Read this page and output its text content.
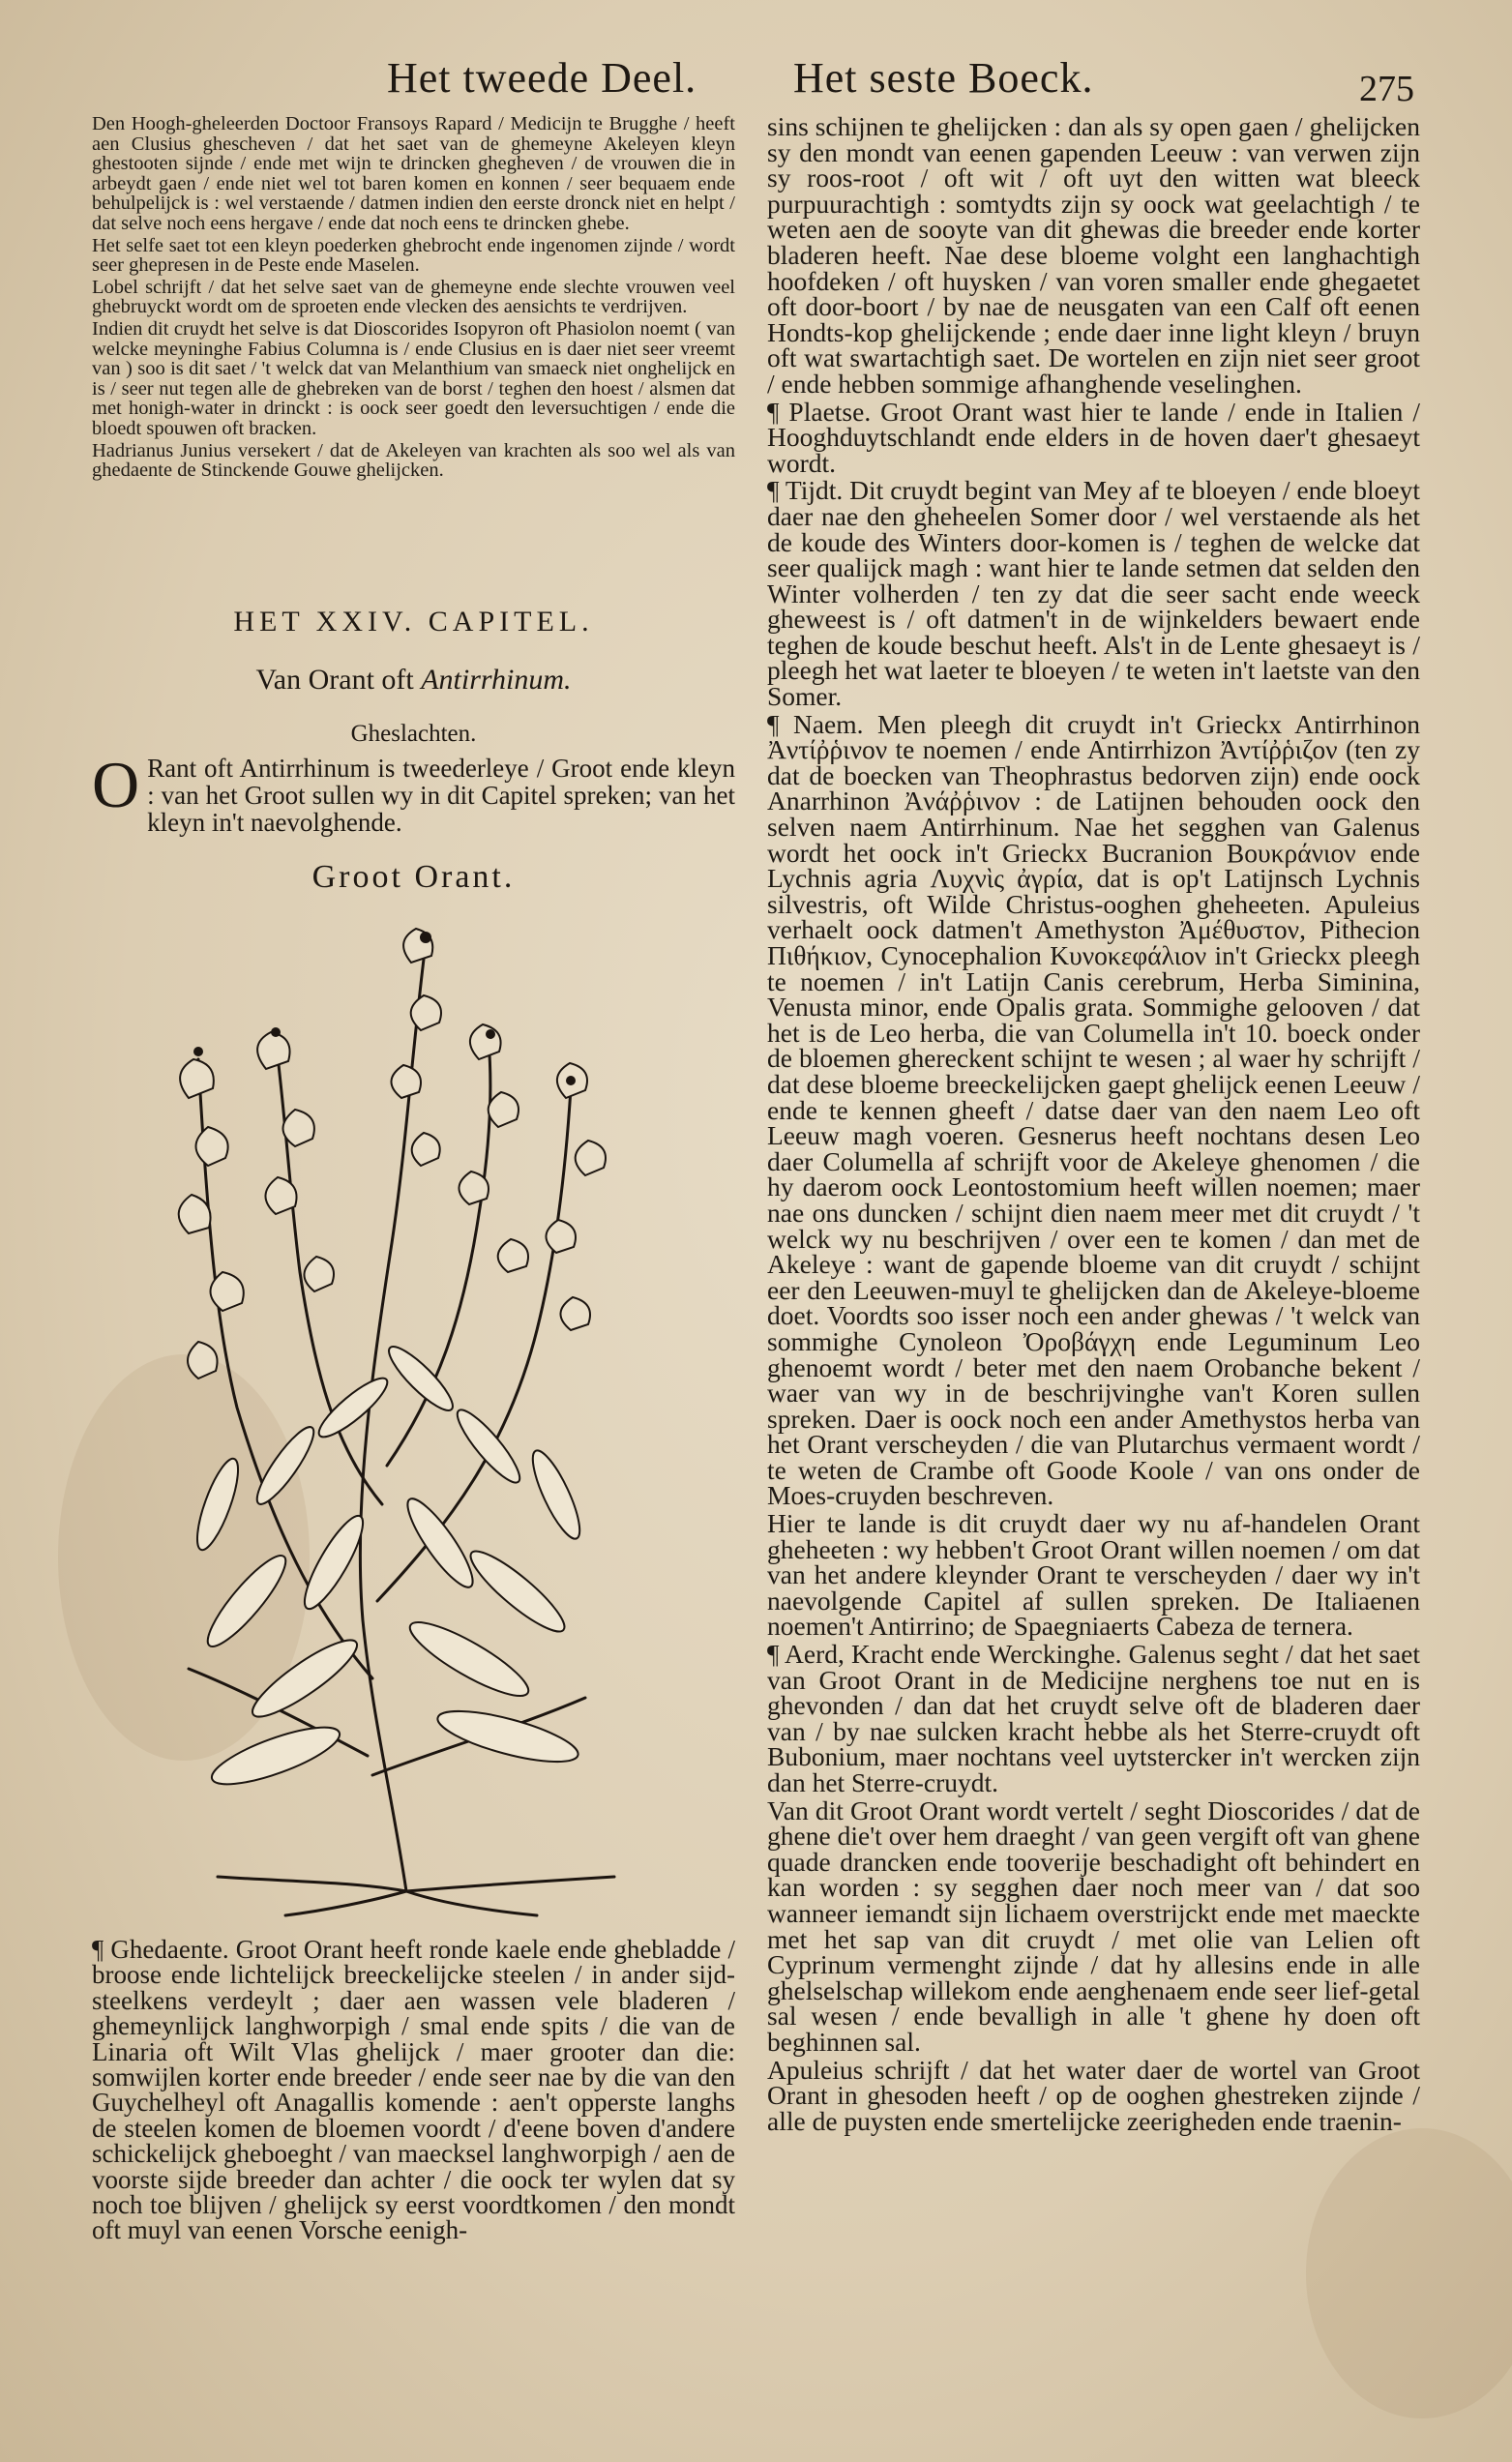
Het tweede Deel. Het seste Boeck.	275

Den Hoogh-gheleerden Doctoor Fransoys Rapard / Medicijn te Brugghe / heeft aen Clusius ghescheven / dat het saet van de ghemeyne Akeleyen kleyn ghestooten sijnde / ende met wijn te drincken ghegheven / de vrouwen die in arbeydt gaen / ende niet wel tot baren komen en konnen / seer bequaem ende behulpelijck is : wel verstaende / datmen indien den eerste dronck niet en helpt / dat selve noch eens hergave / ende dat noch eens te drincken ghebe.

Het selfe saet tot een kleyn poederken ghebrocht ende ingenomen zijnde / wordt seer ghepresen in de Peste ende Maselen.

Lobel schrijft / dat het selve saet van de ghemeyne ende slechte vrouwen veel ghebruyckt wordt om de sproeten ende vlecken des aensichts te verdrijven.

Indien dit cruydt het selve is dat Dioscorides Isopyron oft Phasiolon noemt ( van welcke meyninghe Fabius Columna is / ende Clusius en is daer niet seer vreemt van ) soo is dit saet / 't welck dat van Melanthium van smaeck niet onghelijck en is / seer nut tegen alle de ghebreken van de borst / teghen den hoest / alsmen dat met honigh-water in drinckt : is oock seer goedt den leversuchtigen / ende die bloedt spouwen oft bracken.

Hadrianus Junius versekert / dat de Akeleyen van krachten als soo wel als van ghedaente de Stinckende Gouwe ghelijcken.

HET XXIV. CAPITEL.
Van Orant oft Antirrhinum.
Gheslachten.
O Rant oft Antirrhinum is tweederleye / Groot ende kleyn : van het Groot sullen wy in dit Capitel spreken; van het kleyn in't naevolghende.
Groot Orant.

¶ Ghedaente. Groot Orant heeft ronde kaele ende ghebladde / broose ende lichtelijck breeckelijcke steelen / in ander sijd-steelkens verdeylt ; daer aen wassen vele bladeren / ghemeynlijck langhworpigh / smal ende spits / die van de Linaria oft Wilt Vlas ghelijck / maer grooter dan die: somwijlen korter ende breeder / ende seer nae by die van den Guychelheyl oft Anagallis komende : aen't opperste langhs de steelen komen de bloemen voordt / d'eene boven d'andere schickelijck gheboeght / van maecksel langhworpigh / aen de voorste sijde breeder dan achter / die oock ter wylen dat sy noch toe blijven / ghelijck sy eerst voordtkomen / den mondt oft muyl van eenen Vorsche eenigh-

sins schijnen te ghelijcken : dan als sy open gaen / ghelijcken sy den mondt van eenen gapenden Leeuw : van verwen zijn sy roos-root / oft wit / oft uyt den witten wat bleeck purpuurachtigh : somtydts zijn sy oock wat geelachtigh / te weten aen de sooyte van dit ghewas die breeder ende korter bladeren heeft. Nae dese bloeme volght een langhachtigh hoofdeken / oft huysken / van voren smaller ende ghegaetet oft door-boort / by nae de neusgaten van een Calf oft eenen Hondts-kop ghelijckende ; ende daer inne light kleyn / bruyn oft wat swartachtigh saet. De wortelen en zijn niet seer groot / ende hebben sommige afhanghende veselinghen.

¶ Plaetse. Groot Orant wast hier te lande / ende in Italien / Hooghduytschlandt ende elders in de hoven daer't ghesaeyt wordt.

¶ Tijdt. Dit cruydt begint van Mey af te bloeyen / ende bloeyt daer nae den gheheelen Somer door / wel verstaende als het de koude des Winters door-komen is / teghen de welcke dat seer qualijck magh : want hier te lande setmen dat selden den Winter volherden / ten zy dat die seer sacht ende weeck gheweest is / oft datmen't in de wijnkelders bewaert ende teghen de koude beschut heeft. Als't in de Lente ghesaeyt is / pleegh het wat laeter te bloeyen / te weten in't laetste van den Somer.

¶ Naem. Men pleegh dit cruydt in't Grieckx Antirrhinon Ἀντίῤῥινον te noemen / ende Antirrhizon Ἀντίῤῥιζον (ten zy dat de boecken van Theophrastus bedorven zijn) ende oock Anarrhinon Ἀνάῤῥινον : de Latijnen behouden oock den selven naem Antirrhinum. Nae het segghen van Galenus wordt het oock in't Grieckx Bucranion Βουκράνιον ende Lychnis agria Λυχνὶς ἀγρία, dat is op't Latijnsch Lychnis silvestris, oft Wilde Christus-ooghen gheheeten. Apuleius verhaelt oock datmen't Amethyston Ἀμέθυστον, Pithecion Πιθήκιον, Cynocephalion Κυνοκεφάλιον in't Grieckx pleegh te noemen / in't Latijn Canis cerebrum, Herba Siminina, Venusta minor, ende Opalis grata. Sommighe gelooven / dat het is de Leo herba, die van Columella in't 10. boeck onder de bloemen ghereckent schijnt te wesen ; al waer hy schrijft / dat dese bloeme breeckelijcken gaept ghelijck eenen Leeuw / ende te kennen gheeft / datse daer van den naem Leo oft Leeuw magh voeren. Gesnerus heeft nochtans desen Leo daer Columella af schrijft voor de Akeleye ghenomen / die hy daerom oock Leontostomium heeft willen noemen; maer nae ons duncken / schijnt dien naem meer met dit cruydt / 't welck wy nu beschrijven / over een te komen / dan met de Akeleye : want de gapende bloeme van dit cruydt / schijnt eer den Leeuwen-muyl te ghelijcken dan de Akeleye-bloeme doet. Voordts soo isser noch een ander ghewas / 't welck van sommighe Cynoleon Ὀροβάγχη ende Leguminum Leo ghenoemt wordt / beter met den naem Orobanche bekent / waer van wy in de beschrijvinghe van't Koren sullen spreken. Daer is oock noch een ander Amethystos herba van het Orant verscheyden / die van Plutarchus vermaent wordt / te weten de Crambe oft Goode Koole / van ons onder de Moes-cruyden beschreven.

Hier te lande is dit cruydt daer wy nu af-handelen Orant gheheeten : wy hebben't Groot Orant willen noemen / om dat van het andere kleynder Orant te verscheyden / daer wy in't naevolgende Capitel af sullen spreken. De Italiaenen noemen't Antirrino; de Spaegniaerts Cabeza de ternera.

¶ Aerd, Kracht ende Werckinghe. Galenus seght / dat het saet van Groot Orant in de Medicijne nerghens toe nut en is ghevonden / dan dat het cruydt selve oft de bladeren daer van / by nae sulcken kracht hebbe als het Sterre-cruydt oft Bubonium, maer nochtans veel uytstercker in't wercken zijn dan het Sterre-cruydt.

Van dit Groot Orant wordt vertelt / seght Dioscorides / dat de ghene die't over hem draeght / van geen vergift oft van ghene quade drancken ende tooverije beschadight oft behindert en kan worden : sy segghen daer noch meer van / dat soo wanneer iemandt sijn lichaem overstrijckt ende met maeckte met het sap van dit cruydt / met olie van Lelien oft Cyprinum vermenght zijnde / dat hy allesins ende in alle ghelselschap willekom ende aenghenaem ende seer lief-getal sal wesen / ende bevalligh in alle 't ghene hy doen oft beghinnen sal.

Apuleius schrijft / dat het water daer de wortel van Groot Orant in ghesoden heeft / op de ooghen ghestreken zijnde / alle de puysten ende smertelijcke zeerigheden ende traenin-
